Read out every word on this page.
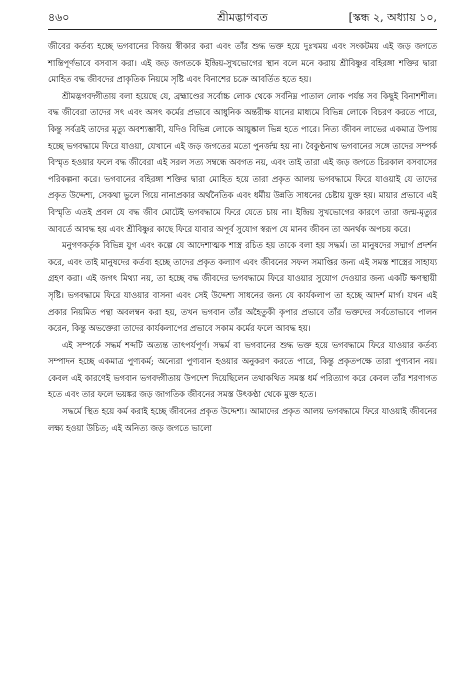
৪৬০	শ্রীমদ্ভাগবত	[স্কন্ধ ২, অধ্যায় ১০,

জীবের কর্তব্য হচ্ছে ভগবানের বিজয় স্বীকার করা এবং তাঁর শুদ্ধ ভক্ত হয়ে দুঃখময় এবং সংকটময় এই জড় জগতে শান্তিপূর্ণভাবে বসবাস করা। এই জড় জগতকে ইন্দ্রিয়-সুখভোগের স্থান বলে মনে করায় শ্রীবিষ্ণুর বহিরঙ্গা শক্তির দ্বারা মোহিত বদ্ধ জীবদের প্রাকৃতিক নিয়মে সৃষ্টি এবং বিনাশের চক্রে আবর্তিত হতে হয়।

শ্রীমদ্ভগবদ্গীতায় বলা হয়েছে যে, ব্রহ্মাণ্ডের সর্বোচ্চ লোক থেকে সর্বনিম্ন পাতাল লোক পর্যন্ত সব কিছুই বিনাশশীল। বদ্ধ জীবেরা তাদের সৎ এবং অসৎ কর্মের প্রভাবে আধুনিক অন্তরীক্ষ যানের মাধ্যমে বিভিন্ন লোকে বিচরণ করতে পারে, কিন্তু সর্বত্রই তাদের মৃত্যু অবশ্যম্ভাবী, যদিও বিভিন্ন লোকে আয়ুষ্কাল ভিন্ন হতে পারে। নিত্য জীবন লাভের একমাত্র উপায় হচ্ছে ভগবদ্ধামে ফিরে যাওয়া, যেখানে এই জড় জগতের মতো পুনর্জন্ম হয় না। বৈকুণ্ঠনাথ ভগবানের সঙ্গে তাদের সম্পর্ক বিস্মৃত হওয়ার ফলে বদ্ধ জীবেরা এই সরল সত্য সম্বন্ধে অবগত নয়, এবং তাই তারা এই জড় জগতে চিরকাল বসবাসের পরিকল্পনা করে। ভগবানের বহিরঙ্গা শক্তির দ্বারা মোহিত হয়ে তারা প্রকৃত আলয় ভগবদ্ধামে ফিরে যাওয়াই যে তাদের প্রকৃত উদ্দেশ্য, সেকথা ভুলে গিয়ে নানাপ্রকার অর্থনৈতিক এবং ধর্মীয় উন্নতি সাধনের চেষ্টায় যুক্ত হয়। মায়ার প্রভাবে এই বিস্মৃতি এতই প্রবল যে বদ্ধ জীব মোটেই ভগবদ্ধামে ফিরে যেতে চায় না। ইন্দ্রিয় সুখভোগের কারণে তারা জন্ম-মৃত্যুর আবর্তে আবদ্ধ হয় এবং শ্রীবিষ্ণুর কাছে ফিরে যাবার অপূর্ব সুযোগ স্বরূপ যে মানব জীবন তা অনর্থক অপচয় করে।

মনুগণকর্তৃক বিভিন্ন যুগ এবং কল্পে যে আদেশাত্মক শাস্ত্র রচিত হয় তাকে বলা হয় সদ্ধর্ম। তা মানুষদের সদ্মার্গ প্রদর্শন করে, এবং তাই মানুষদের কর্তব্য হচ্ছে তাদের প্রকৃত কল্যাণ এবং জীবনের সফল সমাপ্তির জন্য এই সমস্ত শাস্ত্রের সাহায্য গ্রহণ করা। এই জগৎ মিথ্যা নয়, তা হচ্ছে বদ্ধ জীবদের ভগবদ্ধামে ফিরে যাওয়ার সুযোগ দেওয়ার জন্য একটি ক্ষণস্থায়ী সৃষ্টি। ভগবদ্ধামে ফিরে যাওয়ার বাসনা এবং সেই উদ্দেশ্য সাধনের জন্য যে কার্যকলাপ তা হচ্ছে আদর্শ মার্গ। যখন এই প্রকার নিয়মিত পন্থা অবলম্বন করা হয়, তখন ভগবান তাঁর অহৈতুকী কৃপার প্রভাবে তাঁর ভক্তদের সর্বতোভাবে পালন করেন, কিন্তু অভক্তেরা তাদের কার্যকলাপের প্রভাবে সকাম কর্মের ফলে আবদ্ধ হয়।

এই সম্পর্কে সদ্ধর্ম শব্দটি অত্যন্ত তাৎপর্যপূর্ণ। সদ্ধর্ম বা ভগবানের শুদ্ধ ভক্ত হয়ে ভগবদ্ধামে ফিরে যাওয়ার কর্তব্য সম্পাদন হচ্ছে একমাত্র পুণ্যকর্ম; অন্যেরা পুণ্যবান হওয়ার অনুকরণ করতে পারে, কিন্তু প্রকৃতপক্ষে তারা পুণ্যবান নয়। কেবল এই কারণেই ভগবান ভগবদ্গীতায় উপদেশ দিয়েছিলেন তথাকথিত সমস্ত ধর্ম পরিত্যাগ করে কেবল তাঁর শরণাগত হতে এবং তার ফলে ভয়ঙ্কর জড় জাগতিক জীবনের সমস্ত উৎকণ্ঠা থেকে মুক্ত হতে।

সদ্ধর্মে স্থিত হয়ে কর্ম করাই হচ্ছে জীবনের প্রকৃত উদ্দেশ্য। আমাদের প্রকৃত আলয় ভগবদ্ধামে ফিরে যাওয়াই জীবনের লক্ষ্য হওয়া উচিত; এই অনিত্য জড় জগতে ভালো
